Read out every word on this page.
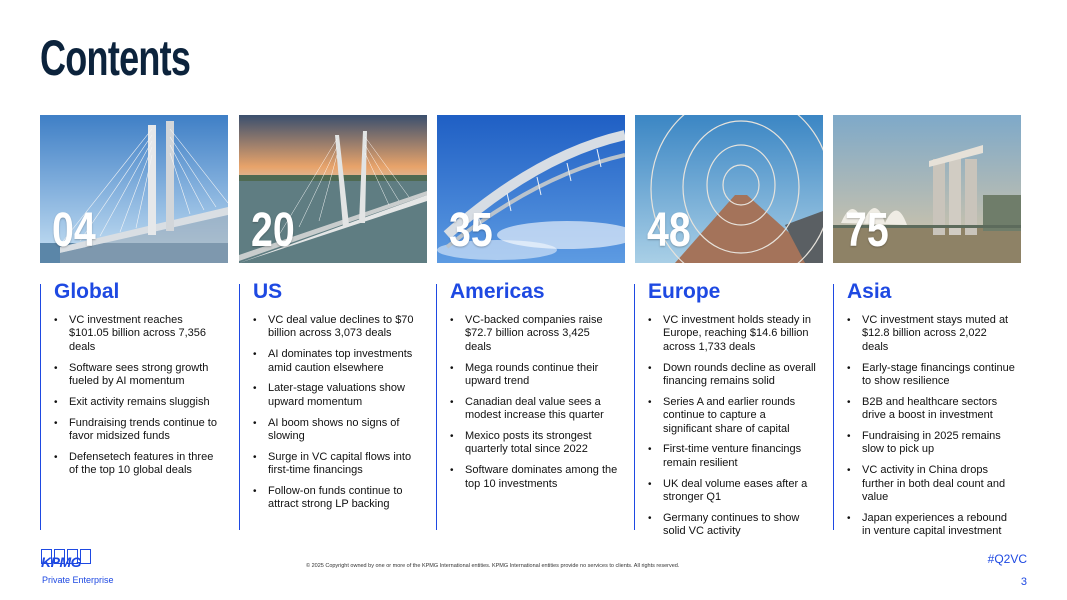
Contents

04	20	35	48	75

Global
• VC investment reaches $101.05 billion across 7,356 deals
• Software sees strong growth fueled by AI momentum
• Exit activity remains sluggish
• Fundraising trends continue to favor midsized funds
• Defensetech features in three of the top 10 global deals
US
• VC deal value declines to $70 billion across 3,073 deals
• AI dominates top investments amid caution elsewhere
• Later-stage valuations show upward momentum
• AI boom shows no signs of slowing
• Surge in VC capital flows into first-time financings
• Follow-on funds continue to attract strong LP backing
Americas
• VC-backed companies raise $72.7 billion across 3,425 deals
• Mega rounds continue their upward trend
• Canadian deal value sees a modest increase this quarter
• Mexico posts its strongest quarterly total since 2022
• Software dominates among the top 10 investments
Europe
• VC investment holds steady in Europe, reaching $14.6 billion across 1,733 deals
• Down rounds decline as overall financing remains solid
• Series A and earlier rounds continue to capture a significant share of capital
• First-time venture financings remain resilient
• UK deal volume eases after a stronger Q1
• Germany continues to show solid VC activity
Asia
• VC investment stays muted at $12.8 billion across 2,022 deals
• Early-stage financings continue to show resilience
• B2B and healthcare sectors drive a boost in investment
• Fundraising in 2025 remains slow to pick up
• VC activity in China drops further in both deal count and value
• Japan experiences a rebound in venture capital investment
KPMG
Private Enterprise
© 2025 Copyright owned by one or more of the KPMG International entities. KPMG International entities provide no services to clients. All rights reserved.	#Q2VC
3
